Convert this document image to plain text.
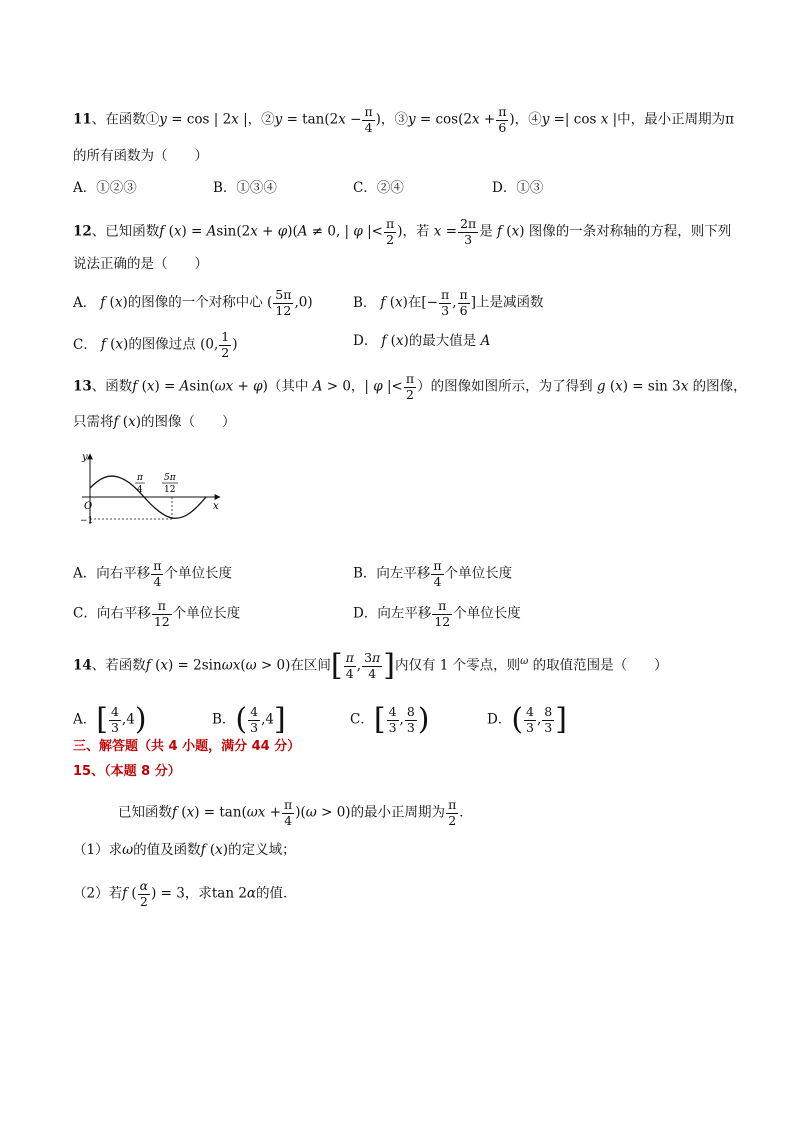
11、在函数①y = cos | 2x |，②y = $\tan(2x - \frac{\pi}{4}$ )，③y = $\cos(2x + \frac{\pi}{6}$ )，④y =| cos x |中，最小正周期为π
的所有函数为（　　）
A．①②③	B．①③④	C．②④	D．①③
12、已知函数f (x) = Asin(2x + φ)(A ≠ 0, | φ |< $\frac{\pi}{2}$ )，若 $x = \frac{2\pi}{3}$ 是 f (x) 图像的一条对称轴的方程，则下列
说法正确的是（　　）
A． f (x)的图像的一个对称中心 ( $\frac{5\pi}{12} ,0$)	B． f (x)在[− $\frac{\pi}{3}$ , $\frac{\pi}{6}$ ]上是减函数
C． f (x)的图像过点 (0, $\frac{1}{2}$ )	D． f (x)的最大值是 A
13、函数f (x) = Asin(ωx + φ)（其中 A > 0，| φ |< $\frac{\pi}{2}$ ）的图像如图所示，为了得到 g (x) = sin 3x 的图像，
只需将f (x)的图像（　　）
y
x
O
−1
π
4
5π
12
A．向右平移 $\frac{\pi}{4}$ 个单位长度	B．向左平移 $\frac{\pi}{4}$ 个单位长度
C．向右平移 $\frac{\pi}{12}$ 个单位长度	D．向左平移 $\frac{\pi}{12}$ 个单位长度
14、若函数f (x) = 2sinωx(ω > 0)在区间[ $\frac{\pi}{4}$ , $\frac{3\pi}{4}$ ]内仅有 1 个零点，则$^\omega$ 的取值范围是（　　）
A．[ $\frac{4}{3} ,4$)	B．( $\frac{4}{3} ,4$]	C．[ $\frac{4}{3}$ , $\frac{8}{3}$ )	D．( $\frac{4}{3}$ , $\frac{8}{3}$ ]
三、解答题（共 4 小题，满分 44 分）
15、（本题 8 分）
已知函数f $(x) = \tan(\omega x + \frac{\pi}{4} )(\omega > 0)$的最小正周期为 $\frac{\pi}{2}$ ．
（1）求ω的值及函数f (x)的定义域；
（2）若f ( $\frac{\alpha}{2}$ ) = 3，求tan 2α的值．
